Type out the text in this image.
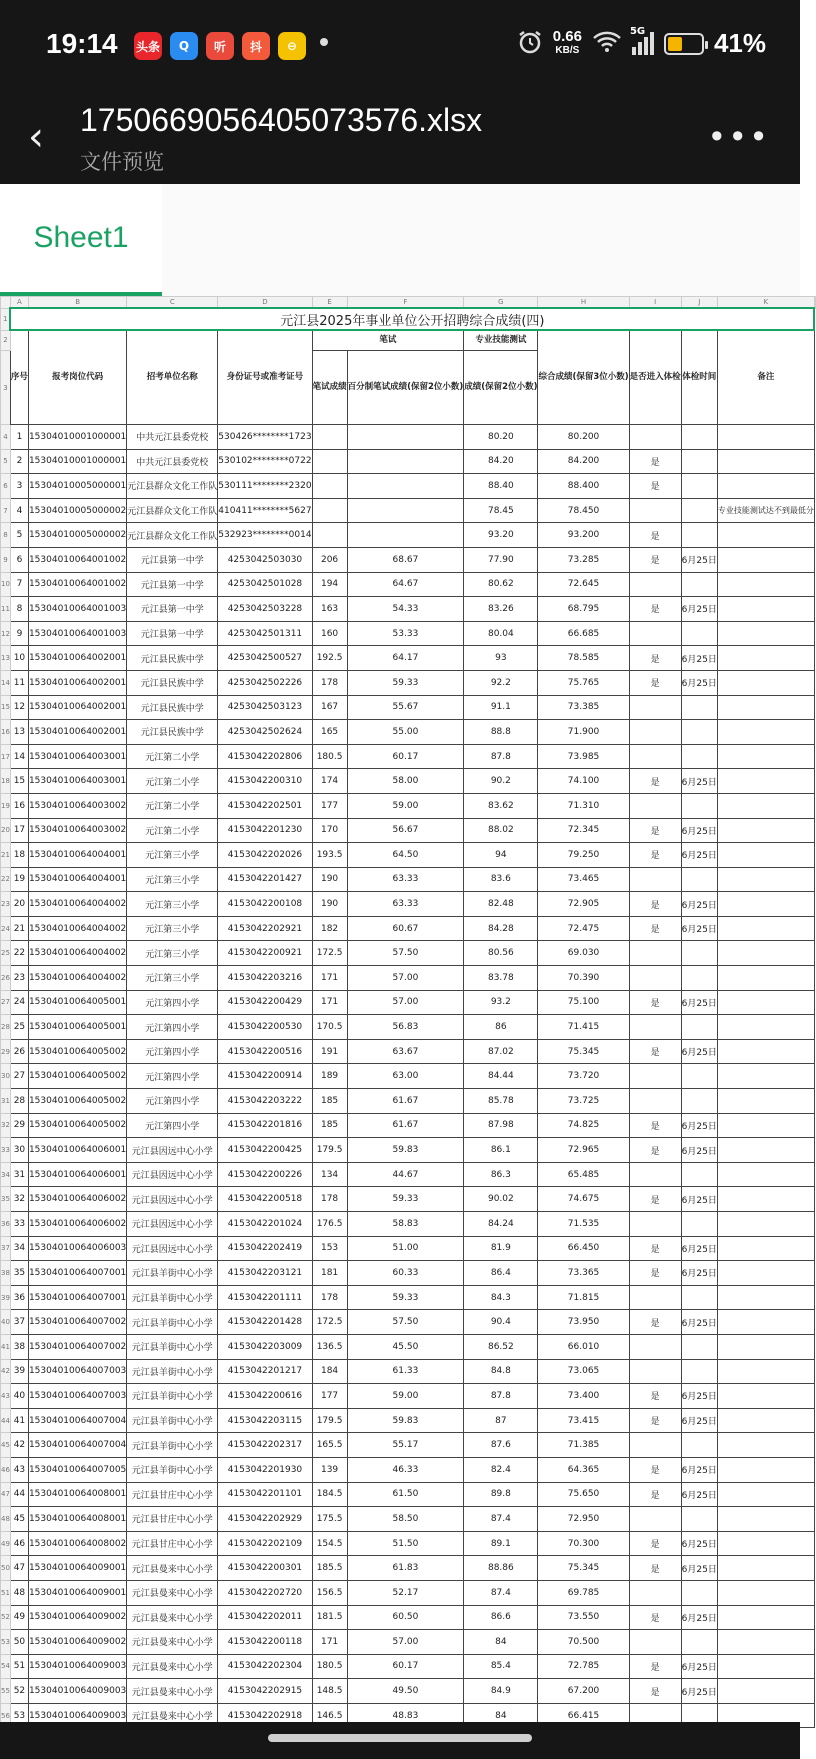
19:14 头条	Q	听	抖	⊖
0.66
KB/S
5G	41%
‹	17506690564050735​76.xlsx
文件预览
•••
Sheet1
	A	B	C	D	E	F	G	H	I	J	K	
1	元江县2025年事业单位公开招聘综合成绩(四)											
2	序号	报考岗位代码	招考单位名称	身份证号或准考证号	笔试		专业技能测试	综合成绩(保留3位小数)	是否进入体检	体检时间	备注	
3					笔试成绩	百分制笔试成绩(保留2位小数)	成绩(保留2位小数)					
4	1	15304010001000001	中共元江县委党校	530426********1723			80.20	80.200				
5	2	15304010001000001	中共元江县委党校	530102********0722			84.20	84.200	是			
6	3	15304010005000001	元江县群众文化工作队	530111********2320			88.40	88.400	是			
7	4	15304010005000002	元江县群众文化工作队	410411********5627			78.45	78.450			专业技能测试达不到最低分	
8	5	15304010005000002	元江县群众文化工作队	532923********0014			93.20	93.200	是			
9	6	15304010064001002	元江县第一中学	4253042503030	206	68.67	77.90	73.285	是	6月25日		
10	7	15304010064001002	元江县第一中学	4253042501028	194	64.67	80.62	72.645				
11	8	15304010064001003	元江县第一中学	4253042503228	163	54.33	83.26	68.795	是	6月25日		
12	9	15304010064001003	元江县第一中学	4253042501311	160	53.33	80.04	66.685				
13	10	15304010064002001	元江县民族中学	4253042500527	192.5	64.17	93	78.585	是	6月25日		
14	11	15304010064002001	元江县民族中学	4253042502226	178	59.33	92.2	75.765	是	6月25日		
15	12	15304010064002001	元江县民族中学	4253042503123	167	55.67	91.1	73.385				
16	13	15304010064002001	元江县民族中学	4253042502624	165	55.00	88.8	71.900				
17	14	15304010064003001	元江第二小学	4153042202806	180.5	60.17	87.8	73.985				
18	15	15304010064003001	元江第二小学	4153042200310	174	58.00	90.2	74.100	是	6月25日		
19	16	15304010064003002	元江第二小学	4153042202501	177	59.00	83.62	71.310				
20	17	15304010064003002	元江第二小学	4153042201230	170	56.67	88.02	72.345	是	6月25日		
21	18	15304010064004001	元江第三小学	4153042202026	193.5	64.50	94	79.250	是	6月25日		
22	19	15304010064004001	元江第三小学	4153042201427	190	63.33	83.6	73.465				
23	20	15304010064004002	元江第三小学	4153042200108	190	63.33	82.48	72.905	是	6月25日		
24	21	15304010064004002	元江第三小学	4153042202921	182	60.67	84.28	72.475	是	6月25日		
25	22	15304010064004002	元江第三小学	4153042200921	172.5	57.50	80.56	69.030				
26	23	15304010064004002	元江第三小学	4153042203216	171	57.00	83.78	70.390				
27	24	15304010064005001	元江第四小学	4153042200429	171	57.00	93.2	75.100	是	6月25日		
28	25	15304010064005001	元江第四小学	4153042200530	170.5	56.83	86	71.415				
29	26	15304010064005002	元江第四小学	4153042200516	191	63.67	87.02	75.345	是	6月25日		
30	27	15304010064005002	元江第四小学	4153042200914	189	63.00	84.44	73.720				
31	28	15304010064005002	元江第四小学	4153042203222	185	61.67	85.78	73.725				
32	29	15304010064005002	元江第四小学	4153042201816	185	61.67	87.98	74.825	是	6月25日		
33	30	15304010064006001	元江县因远中心小学	4153042200425	179.5	59.83	86.1	72.965	是	6月25日		
34	31	15304010064006001	元江县因远中心小学	4153042200226	134	44.67	86.3	65.485				
35	32	15304010064006002	元江县因远中心小学	4153042200518	178	59.33	90.02	74.675	是	6月25日		
36	33	15304010064006002	元江县因远中心小学	4153042201024	176.5	58.83	84.24	71.535				
37	34	15304010064006003	元江县因远中心小学	4153042202419	153	51.00	81.9	66.450	是	6月25日		
38	35	15304010064007001	元江县羊街中心小学	4153042203121	181	60.33	86.4	73.365	是	6月25日		
39	36	15304010064007001	元江县羊街中心小学	4153042201111	178	59.33	84.3	71.815				
40	37	15304010064007002	元江县羊街中心小学	4153042201428	172.5	57.50	90.4	73.950	是	6月25日		
41	38	15304010064007002	元江县羊街中心小学	4153042203009	136.5	45.50	86.52	66.010				
42	39	15304010064007003	元江县羊街中心小学	4153042201217	184	61.33	84.8	73.065				
43	40	15304010064007003	元江县羊街中心小学	4153042200616	177	59.00	87.8	73.400	是	6月25日		
44	41	15304010064007004	元江县羊街中心小学	4153042203115	179.5	59.83	87	73.415	是	6月25日		
45	42	15304010064007004	元江县羊街中心小学	4153042202317	165.5	55.17	87.6	71.385				
46	43	15304010064007005	元江县羊街中心小学	4153042201930	139	46.33	82.4	64.365	是	6月25日		
47	44	15304010064008001	元江县甘庄中心小学	4153042201101	184.5	61.50	89.8	75.650	是	6月25日		
48	45	15304010064008001	元江县甘庄中心小学	4153042202929	175.5	58.50	87.4	72.950				
49	46	15304010064008002	元江县甘庄中心小学	4153042202109	154.5	51.50	89.1	70.300	是	6月25日		
50	47	15304010064009001	元江县曼来中心小学	4153042200301	185.5	61.83	88.86	75.345	是	6月25日		
51	48	15304010064009001	元江县曼来中心小学	4153042202720	156.5	52.17	87.4	69.785				
52	49	15304010064009002	元江县曼来中心小学	4153042202011	181.5	60.50	86.6	73.550	是	6月25日		
53	50	15304010064009002	元江县曼来中心小学	4153042200118	171	57.00	84	70.500				
54	51	15304010064009003	元江县曼来中心小学	4153042202304	180.5	60.17	85.4	72.785	是	6月25日		
55	52	15304010064009003	元江县曼来中心小学	4153042202915	148.5	49.50	84.9	67.200	是	6月25日		
56	53	15304010064009003	元江县曼来中心小学	4153042202918	146.5	48.83	84	66.415				
